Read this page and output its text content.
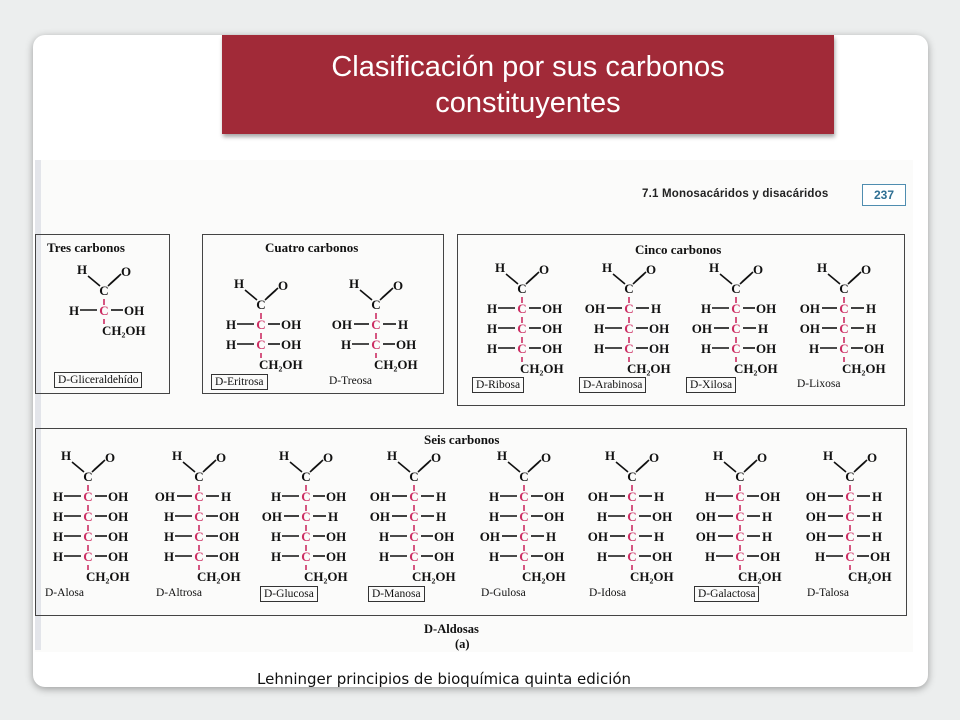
7.1 Monosacáridos y disacáridos	237
Tres carbonos	Cuatro carbonos	Cinco carbonos
Seis carbonos
H	O
C
C
H	OH
CH₂OH
D-Gliceraldehído
H	O
C
C
H	OH
C
H	OH
CH₂OH
D-Eritrosa
H	O
C
C
OH	H
C
H	OH
CH₂OH
D-Treosa
H	O
C
C
H	OH
C
H	OH
C
H	OH
CH₂OH
D-Ribosa
H	O
C
C
OH	H
C
H	OH
C
H	OH
CH₂OH
D-Arabinosa
H	O
C
C
H	OH
C
OH	H
C
H	OH
CH₂OH
D-Xilosa
H	O
C
C
OH	H
C
OH	H
C
H	OH
CH₂OH
D-Lixosa
H	O
C
C
H	OH
C
H	OH
C
H	OH
C
H	OH
CH₂OH
D-Alosa
H	O
C
C
OH	H
C
H	OH
C
H	OH
C
H	OH
CH₂OH
D-Altrosa
H	O
C
C
H	OH
C
OH	H
C
H	OH
C
H	OH
CH₂OH
D-Glucosa
H	O
C
C
OH	H
C
OH	H
C
H	OH
C
H	OH
CH₂OH
D-Manosa
H	O
C
C
H	OH
C
H	OH
C
OH	H
C
H	OH
CH₂OH
D-Gulosa
H	O
C
C
OH	H
C
H	OH
C
OH	H
C
H	OH
CH₂OH
D-Idosa
H	O
C
C
H	OH
C
OH	H
C
OH	H
C
H	OH
CH₂OH
D-Galactosa
H	O
C
C
OH	H
C
OH	H
C
OH	H
C
H	OH
CH₂OH
D-Talosa
D-Aldosas
(a)
Clasificación por sus carbonos constituyentes
Lehninger principios de bioquímica quinta edición
